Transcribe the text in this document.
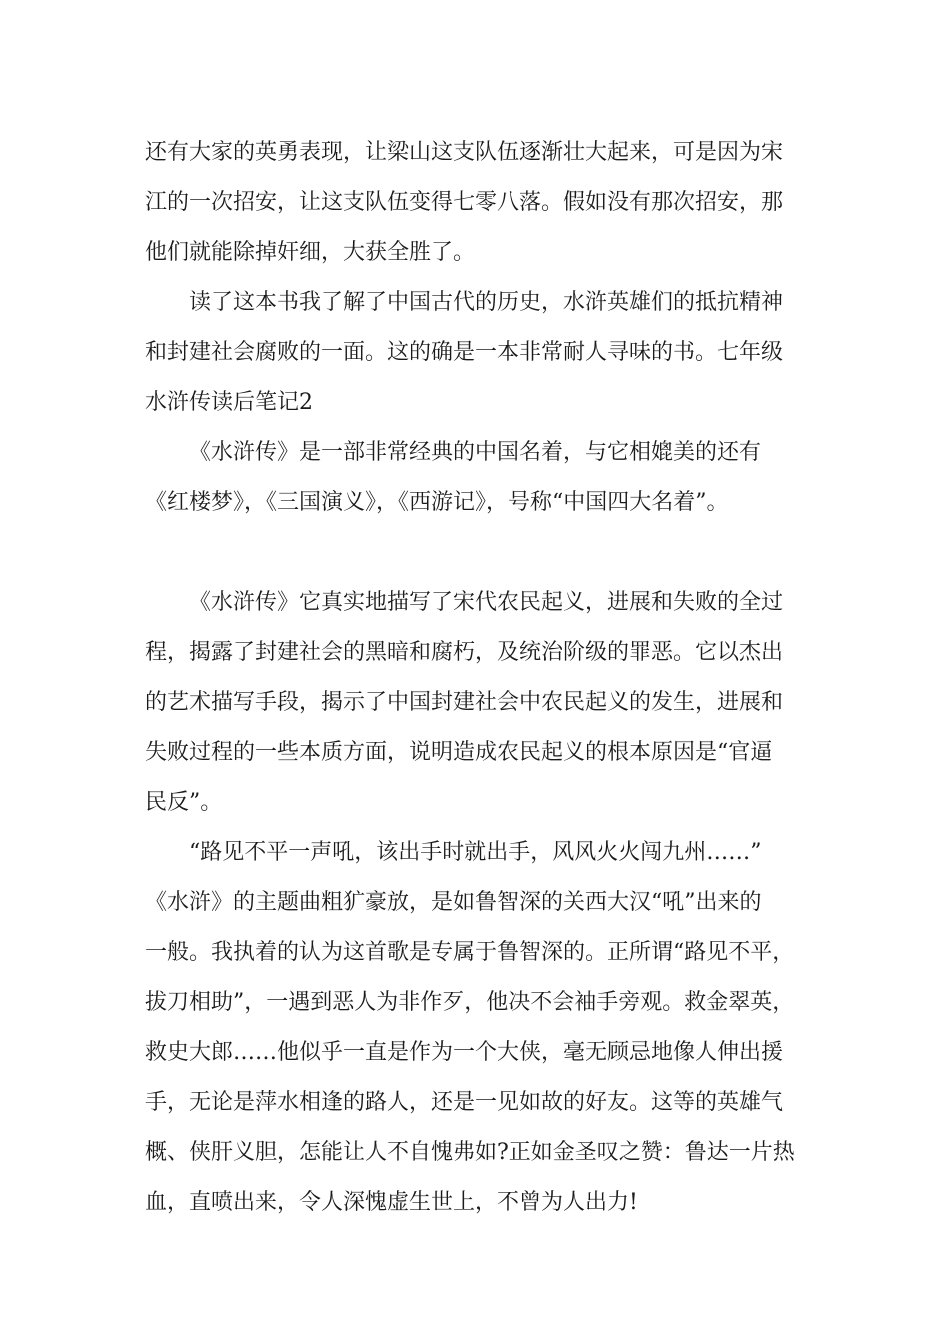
还有大家的英勇表现，让梁山这支队伍逐渐壮大起来，可是因为宋
江的一次招安，让这支队伍变得七零八落。假如没有那次招安，那
他们就能除掉奸细，大获全胜了。
读了这本书我了解了中国古代的历史，水浒英雄们的抵抗精神
和封建社会腐败的一面。这的确是一本非常耐人寻味的书。七年级
水浒传读后笔记2
《水浒传》是一部非常经典的中国名着，与它相媲美的还有
《红楼梦》，《三国演义》，《西游记》，号称“中国四大名着”。
《水浒传》它真实地描写了宋代农民起义，进展和失败的全过
程，揭露了封建社会的黑暗和腐朽，及统治阶级的罪恶。它以杰出
的艺术描写手段，揭示了中国封建社会中农民起义的发生，进展和
失败过程的一些本质方面，说明造成农民起义的根本原因是“官逼
民反”。
“路见不平一声吼，该出手时就出手，风风火火闯九州……”
《水浒》的主题曲粗犷豪放，是如鲁智深的关西大汉“吼”出来的
一般。我执着的认为这首歌是专属于鲁智深的。正所谓“路见不平，
拔刀相助”，一遇到恶人为非作歹，他决不会袖手旁观。救金翠英，
救史大郎……他似乎一直是作为一个大侠，毫无顾忌地像人伸出援
手，无论是萍水相逢的路人，还是一见如故的好友。这等的英雄气
概、侠肝义胆，怎能让人不自愧弗如?正如金圣叹之赞：鲁达一片热
血，直喷出来，令人深愧虚生世上，不曾为人出力!
